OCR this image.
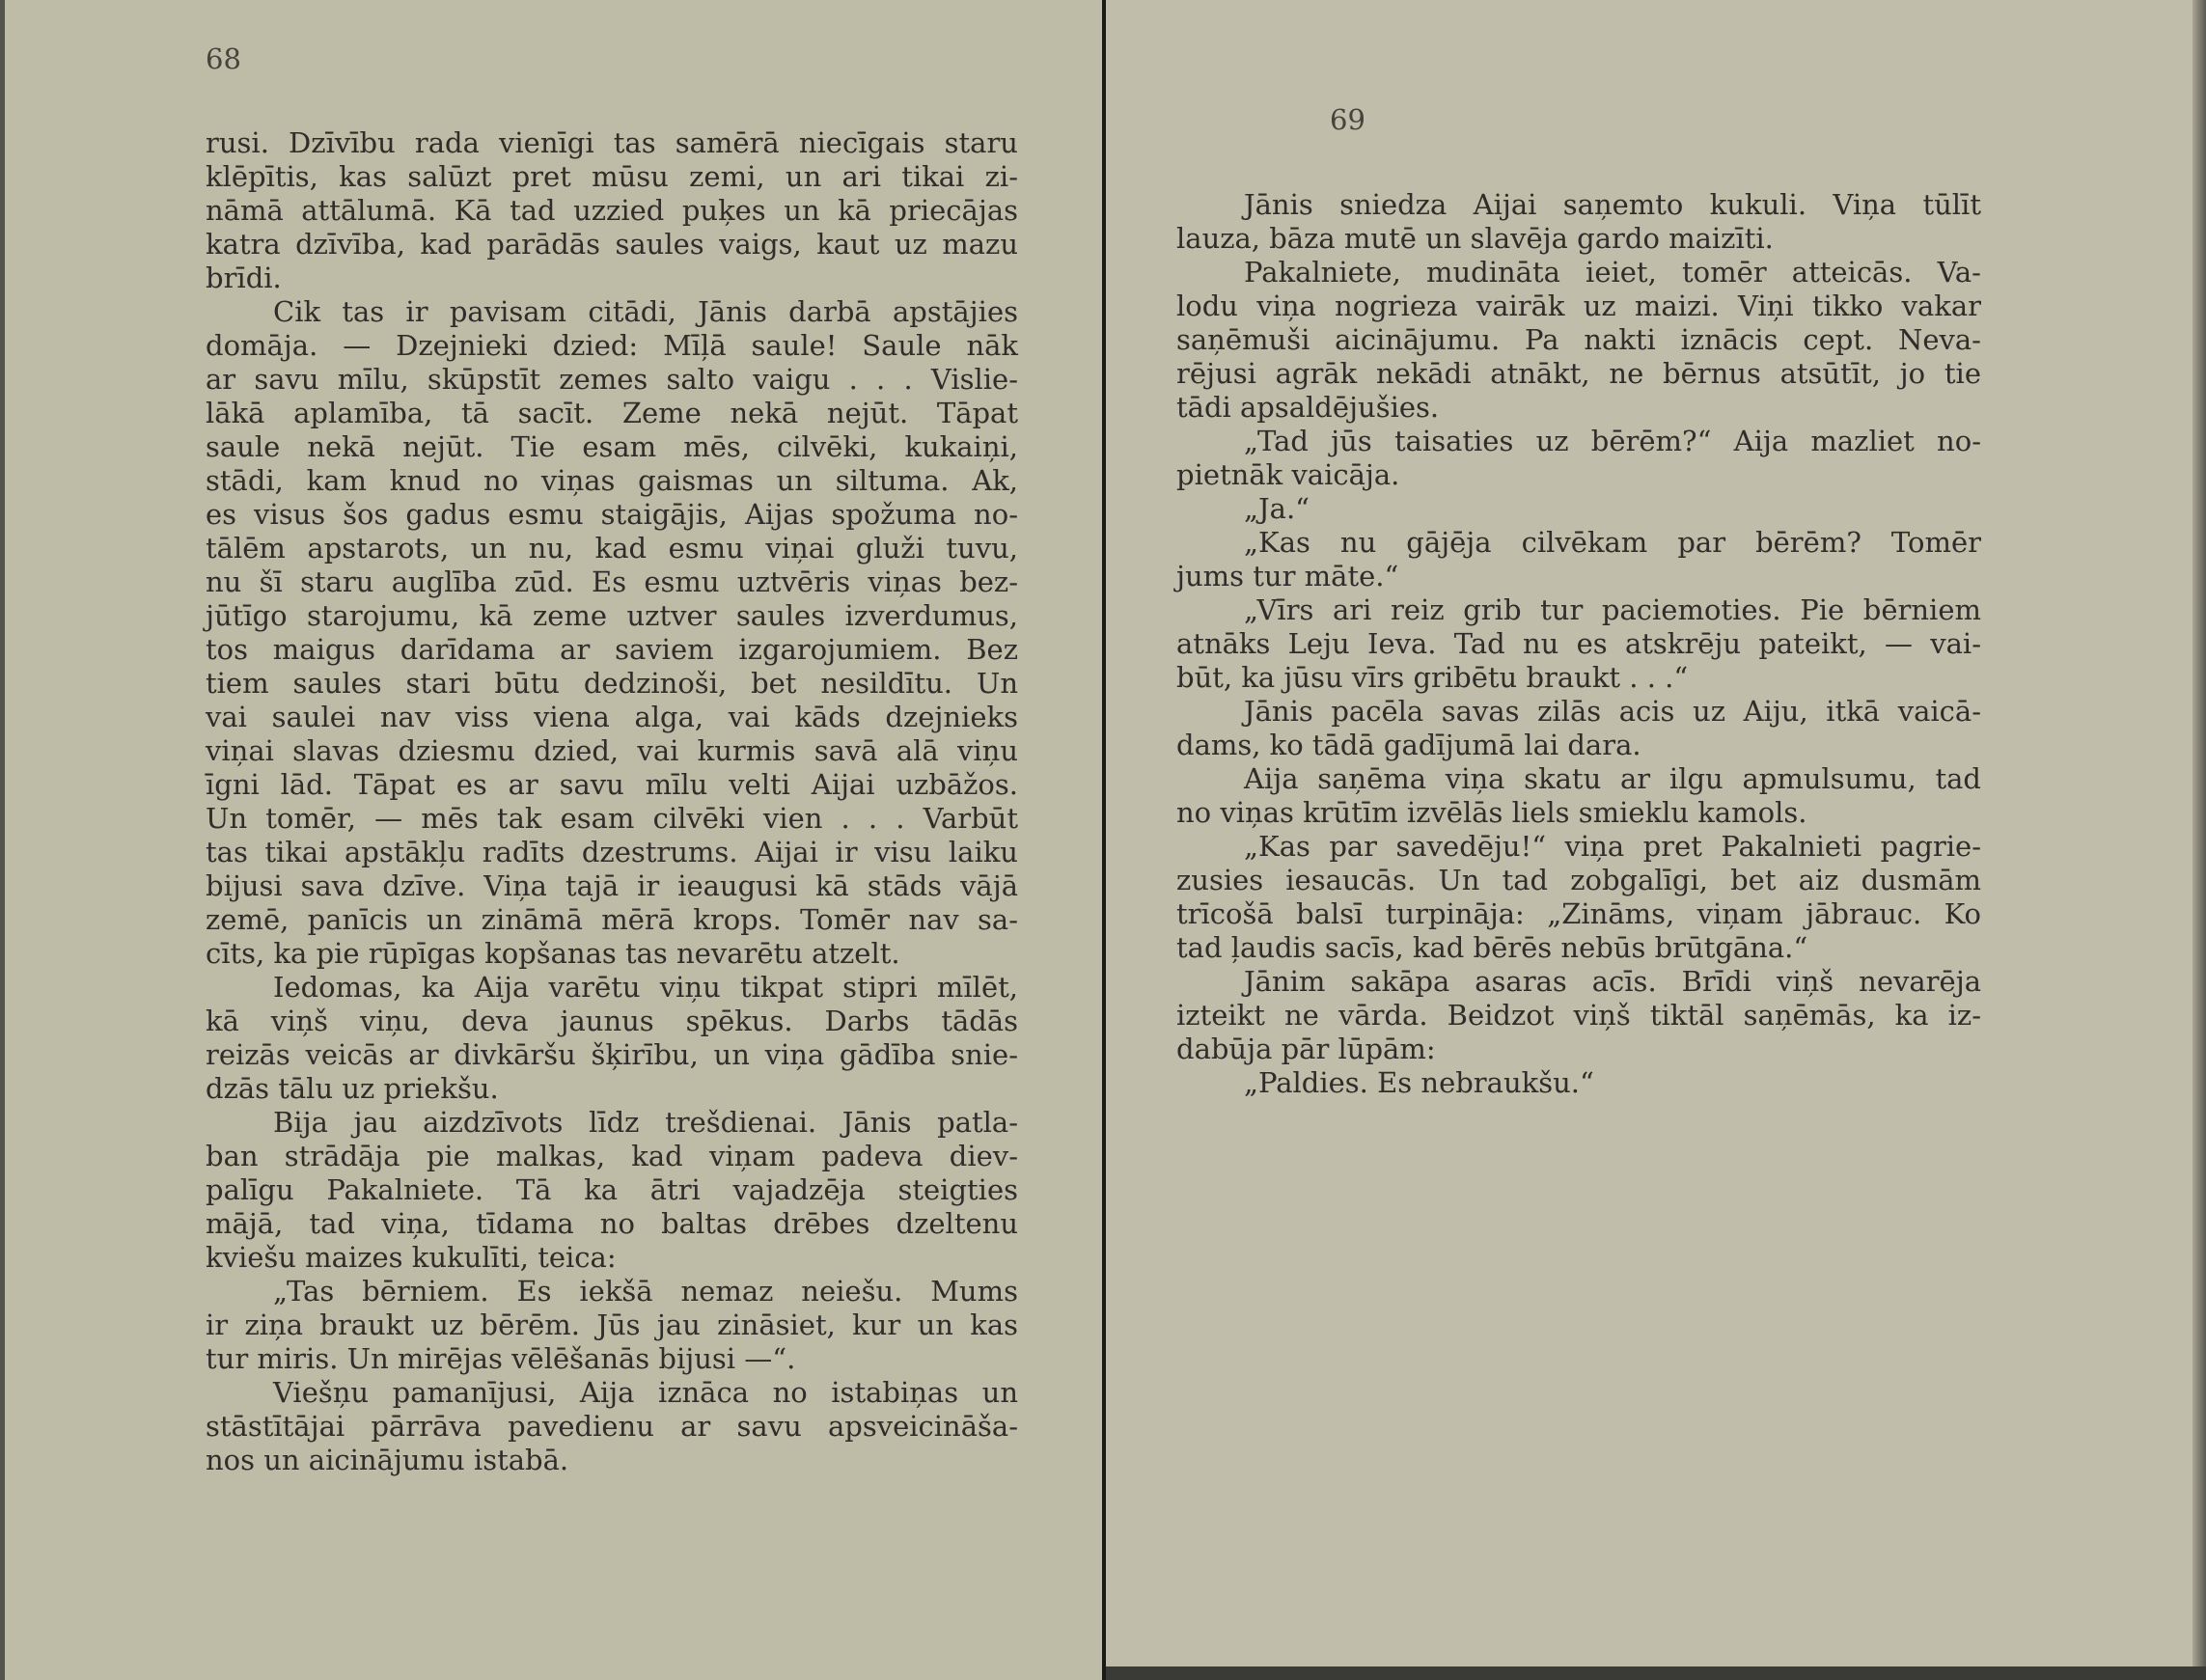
68
rusi. Dzīvību rada vienīgi tas samērā niecīgais staru
klēpītis, kas salūzt pret mūsu zemi, un ari tikai zi-
nāmā attālumā. Kā tad uzzied puķes un kā priecājas
katra dzīvība, kad parādās saules vaigs, kaut uz mazu
brīdi.
Cik tas ir pavisam citādi, Jānis darbā apstājies
domāja. — Dzejnieki dzied: Mīļā saule! Saule nāk
ar savu mīlu, skūpstīt zemes salto vaigu . . . Vislie-
lākā aplamība, tā sacīt. Zeme nekā nejūt. Tāpat
saule nekā nejūt. Tie esam mēs, cilvēki, kukaiņi,
stādi, kam knud no viņas gaismas un siltuma. Ak,
es visus šos gadus esmu staigājis, Aijas spožuma no-
tālēm apstarots, un nu, kad esmu viņai gluži tuvu,
nu šī staru auglība zūd. Es esmu uztvēris viņas bez-
jūtīgo starojumu, kā zeme uztver saules izverdumus,
tos maigus darīdama ar saviem izgarojumiem. Bez
tiem saules stari būtu dedzinoši, bet nesildītu. Un
vai saulei nav viss viena alga, vai kāds dzejnieks
viņai slavas dziesmu dzied, vai kurmis savā alā viņu
īgni lād. Tāpat es ar savu mīlu velti Aijai uzbāžos.
Un tomēr, — mēs tak esam cilvēki vien . . . Varbūt
tas tikai apstākļu radīts dzestrums. Aijai ir visu laiku
bijusi sava dzīve. Viņa tajā ir ieaugusi kā stāds vājā
zemē, panīcis un zināmā mērā krops. Tomēr nav sa-
cīts, ka pie rūpīgas kopšanas tas nevarētu atzelt.
Iedomas, ka Aija varētu viņu tikpat stipri mīlēt,
kā viņš viņu, deva jaunus spēkus. Darbs tādās
reizās veicās ar divkāršu šķirību, un viņa gādība snie-
dzās tālu uz priekšu.
Bija jau aizdzīvots līdz trešdienai. Jānis patla-
ban strādāja pie malkas, kad viņam padeva diev-
palīgu Pakalniete. Tā ka ātri vajadzēja steigties
mājā, tad viņa, tīdama no baltas drēbes dzeltenu
kviešu maizes kukulīti, teica:
„Tas bērniem. Es iekšā nemaz neiešu. Mums
ir ziņa braukt uz bērēm. Jūs jau zināsiet, kur un kas
tur miris. Un mirējas vēlēšanās bijusi —“.
Viešņu pamanījusi, Aija iznāca no istabiņas un
stāstītājai pārrāva pavedienu ar savu apsveicināša-
nos un aicinājumu istabā.
69
Jānis sniedza Aijai saņemto kukuli. Viņa tūlīt
lauza, bāza mutē un slavēja gardo maizīti.
Pakalniete, mudināta ieiet, tomēr atteicās. Va-
lodu viņa nogrieza vairāk uz maizi. Viņi tikko vakar
saņēmuši aicinājumu. Pa nakti iznācis cept. Neva-
rējusi agrāk nekādi atnākt, ne bērnus atsūtīt, jo tie
tādi apsaldējušies.
„Tad jūs taisaties uz bērēm?“ Aija mazliet no-
pietnāk vaicāja.
„Ja.“
„Kas nu gājēja cilvēkam par bērēm? Tomēr
jums tur māte.“
„Vīrs ari reiz grib tur paciemoties. Pie bērniem
atnāks Leju Ieva. Tad nu es atskrēju pateikt, — vai-
būt, ka jūsu vīrs gribētu braukt . . .“
Jānis pacēla savas zilās acis uz Aiju, itkā vaicā-
dams, ko tādā gadījumā lai dara.
Aija saņēma viņa skatu ar ilgu apmulsumu, tad
no viņas krūtīm izvēlās liels smieklu kamols.
„Kas par savedēju!“ viņa pret Pakalnieti pagrie-
zusies iesaucās. Un tad zobgalīgi, bet aiz dusmām
trīcošā balsī turpināja: „Zināms, viņam jābrauc. Ko
tad ļaudis sacīs, kad bērēs nebūs brūtgāna.“
Jānim sakāpa asaras acīs. Brīdi viņš nevarēja
izteikt ne vārda. Beidzot viņš tiktāl saņēmās, ka iz-
dabūja pār lūpām:
„Paldies. Es nebraukšu.“
